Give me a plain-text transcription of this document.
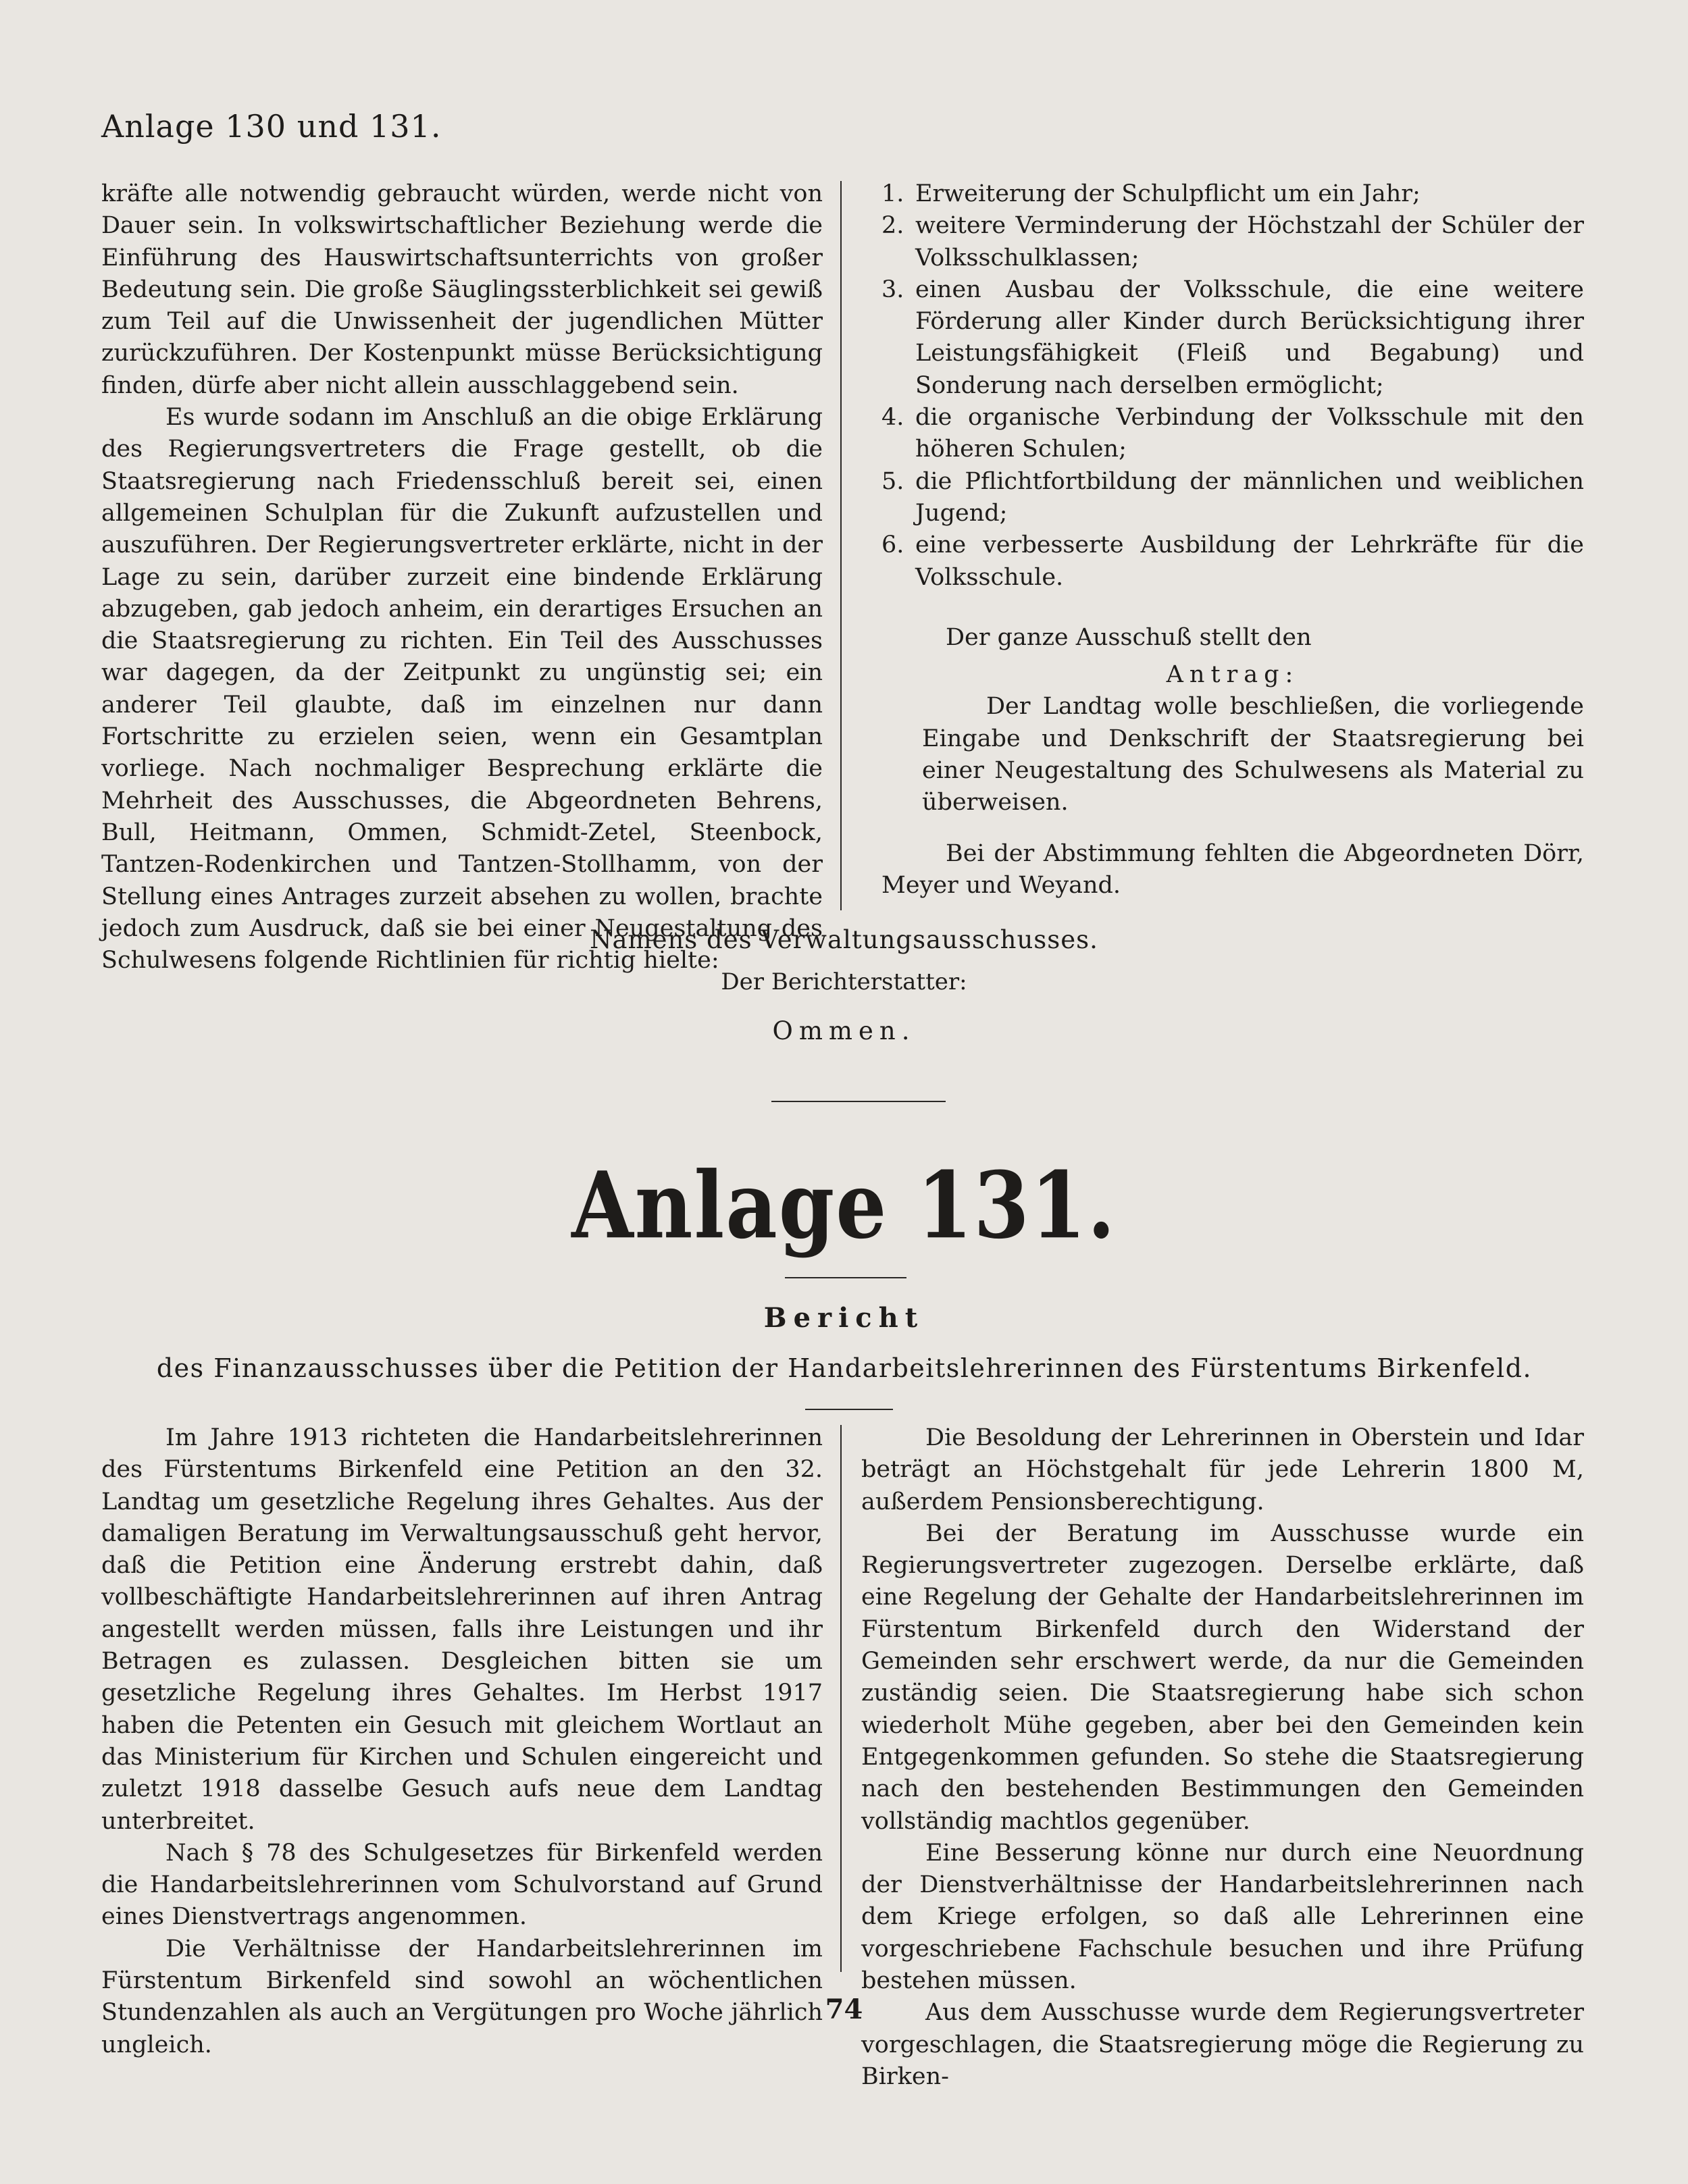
Anlage 130 und 131.

kräfte alle notwendig gebraucht würden, werde nicht von Dauer sein. In volkswirtschaftlicher Beziehung werde die Einführung des Hauswirtschaftsunterrichts von großer Bedeutung sein. Die große Säuglingssterblichkeit sei gewiß zum Teil auf die Unwissenheit der jugendlichen Mütter zurückzuführen. Der Kostenpunkt müsse Berücksichtigung finden, dürfe aber nicht allein ausschlaggebend sein.

Es wurde sodann im Anschluß an die obige Erklärung des Regierungsvertreters die Frage gestellt, ob die Staatsregierung nach Friedensschluß bereit sei, einen allgemeinen Schulplan für die Zukunft aufzustellen und auszuführen. Der Regierungsvertreter erklärte, nicht in der Lage zu sein, darüber zurzeit eine bindende Erklärung abzugeben, gab jedoch anheim, ein derartiges Ersuchen an die Staatsregierung zu richten. Ein Teil des Ausschusses war dagegen, da der Zeitpunkt zu ungünstig sei; ein anderer Teil glaubte, daß im einzelnen nur dann Fortschritte zu erzielen seien, wenn ein Gesamtplan vorliege. Nach nochmaliger Besprechung erklärte die Mehrheit des Ausschusses, die Abgeordneten Behrens, Bull, Heitmann, Ommen, Schmidt-Zetel, Steenbock, Tantzen-Rodenkirchen und Tantzen-Stollhamm, von der Stellung eines Antrages zurzeit absehen zu wollen, brachte jedoch zum Ausdruck, daß sie bei einer Neugestaltung des Schulwesens folgende Richtlinien für richtig hielte:

1. Erweiterung der Schulpflicht um ein Jahr;
2. weitere Verminderung der Höchstzahl der Schüler der Volksschulklassen;
3. einen Ausbau der Volksschule, die eine weitere Förderung aller Kinder durch Berücksichtigung ihrer Leistungsfähigkeit (Fleiß und Begabung) und Sonderung nach derselben ermöglicht;
4. die organische Verbindung der Volksschule mit den höheren Schulen;
5. die Pflichtfortbildung der männlichen und weiblichen Jugend;
6. eine verbesserte Ausbildung der Lehrkräfte für die Volksschule.

Der ganze Ausschuß stellt den

Antrag:

Der Landtag wolle beschließen, die vorliegende Eingabe und Denkschrift der Staatsregierung bei einer Neugestaltung des Schulwesens als Material zu überweisen.

Bei der Abstimmung fehlten die Abgeordneten Dörr, Meyer und Weyand.

Namens des Verwaltungsausschusses.
Der Berichterstatter:
Ommen.
Anlage 131.
Bericht
des Finanzausschusses über die Petition der Handarbeitslehrerinnen des Fürstentums Birkenfeld.

Im Jahre 1913 richteten die Handarbeitslehrerinnen des Fürstentums Birkenfeld eine Petition an den 32. Landtag um gesetzliche Regelung ihres Gehaltes. Aus der damaligen Beratung im Verwaltungsausschuß geht hervor, daß die Petition eine Änderung erstrebt dahin, daß vollbeschäftigte Handarbeitslehrerinnen auf ihren Antrag angestellt werden müssen, falls ihre Leistungen und ihr Betragen es zulassen. Desgleichen bitten sie um gesetzliche Regelung ihres Gehaltes. Im Herbst 1917 haben die Petenten ein Gesuch mit gleichem Wortlaut an das Ministerium für Kirchen und Schulen eingereicht und zuletzt 1918 dasselbe Gesuch aufs neue dem Landtag unterbreitet.

Nach § 78 des Schulgesetzes für Birkenfeld werden die Handarbeitslehrerinnen vom Schulvorstand auf Grund eines Dienstvertrags angenommen.

Die Verhältnisse der Handarbeitslehrerinnen im Fürstentum Birkenfeld sind sowohl an wöchentlichen Stundenzahlen als auch an Vergütungen pro Woche jährlich ungleich.

Die Besoldung der Lehrerinnen in Oberstein und Idar beträgt an Höchstgehalt für jede Lehrerin 1800 M, außerdem Pensionsberechtigung.

Bei der Beratung im Ausschusse wurde ein Regierungsvertreter zugezogen. Derselbe erklärte, daß eine Regelung der Gehalte der Handarbeitslehrerinnen im Fürstentum Birkenfeld durch den Widerstand der Gemeinden sehr erschwert werde, da nur die Gemeinden zuständig seien. Die Staatsregierung habe sich schon wiederholt Mühe gegeben, aber bei den Gemeinden kein Entgegenkommen gefunden. So stehe die Staatsregierung nach den bestehenden Bestimmungen den Gemeinden vollständig machtlos gegenüber.

Eine Besserung könne nur durch eine Neuordnung der Dienstverhältnisse der Handarbeitslehrerinnen nach dem Kriege erfolgen, so daß alle Lehrerinnen eine vorgeschriebene Fachschule besuchen und ihre Prüfung bestehen müssen.

Aus dem Ausschusse wurde dem Regierungsvertreter vorgeschlagen, die Staatsregierung möge die Regierung zu Birken-

74
